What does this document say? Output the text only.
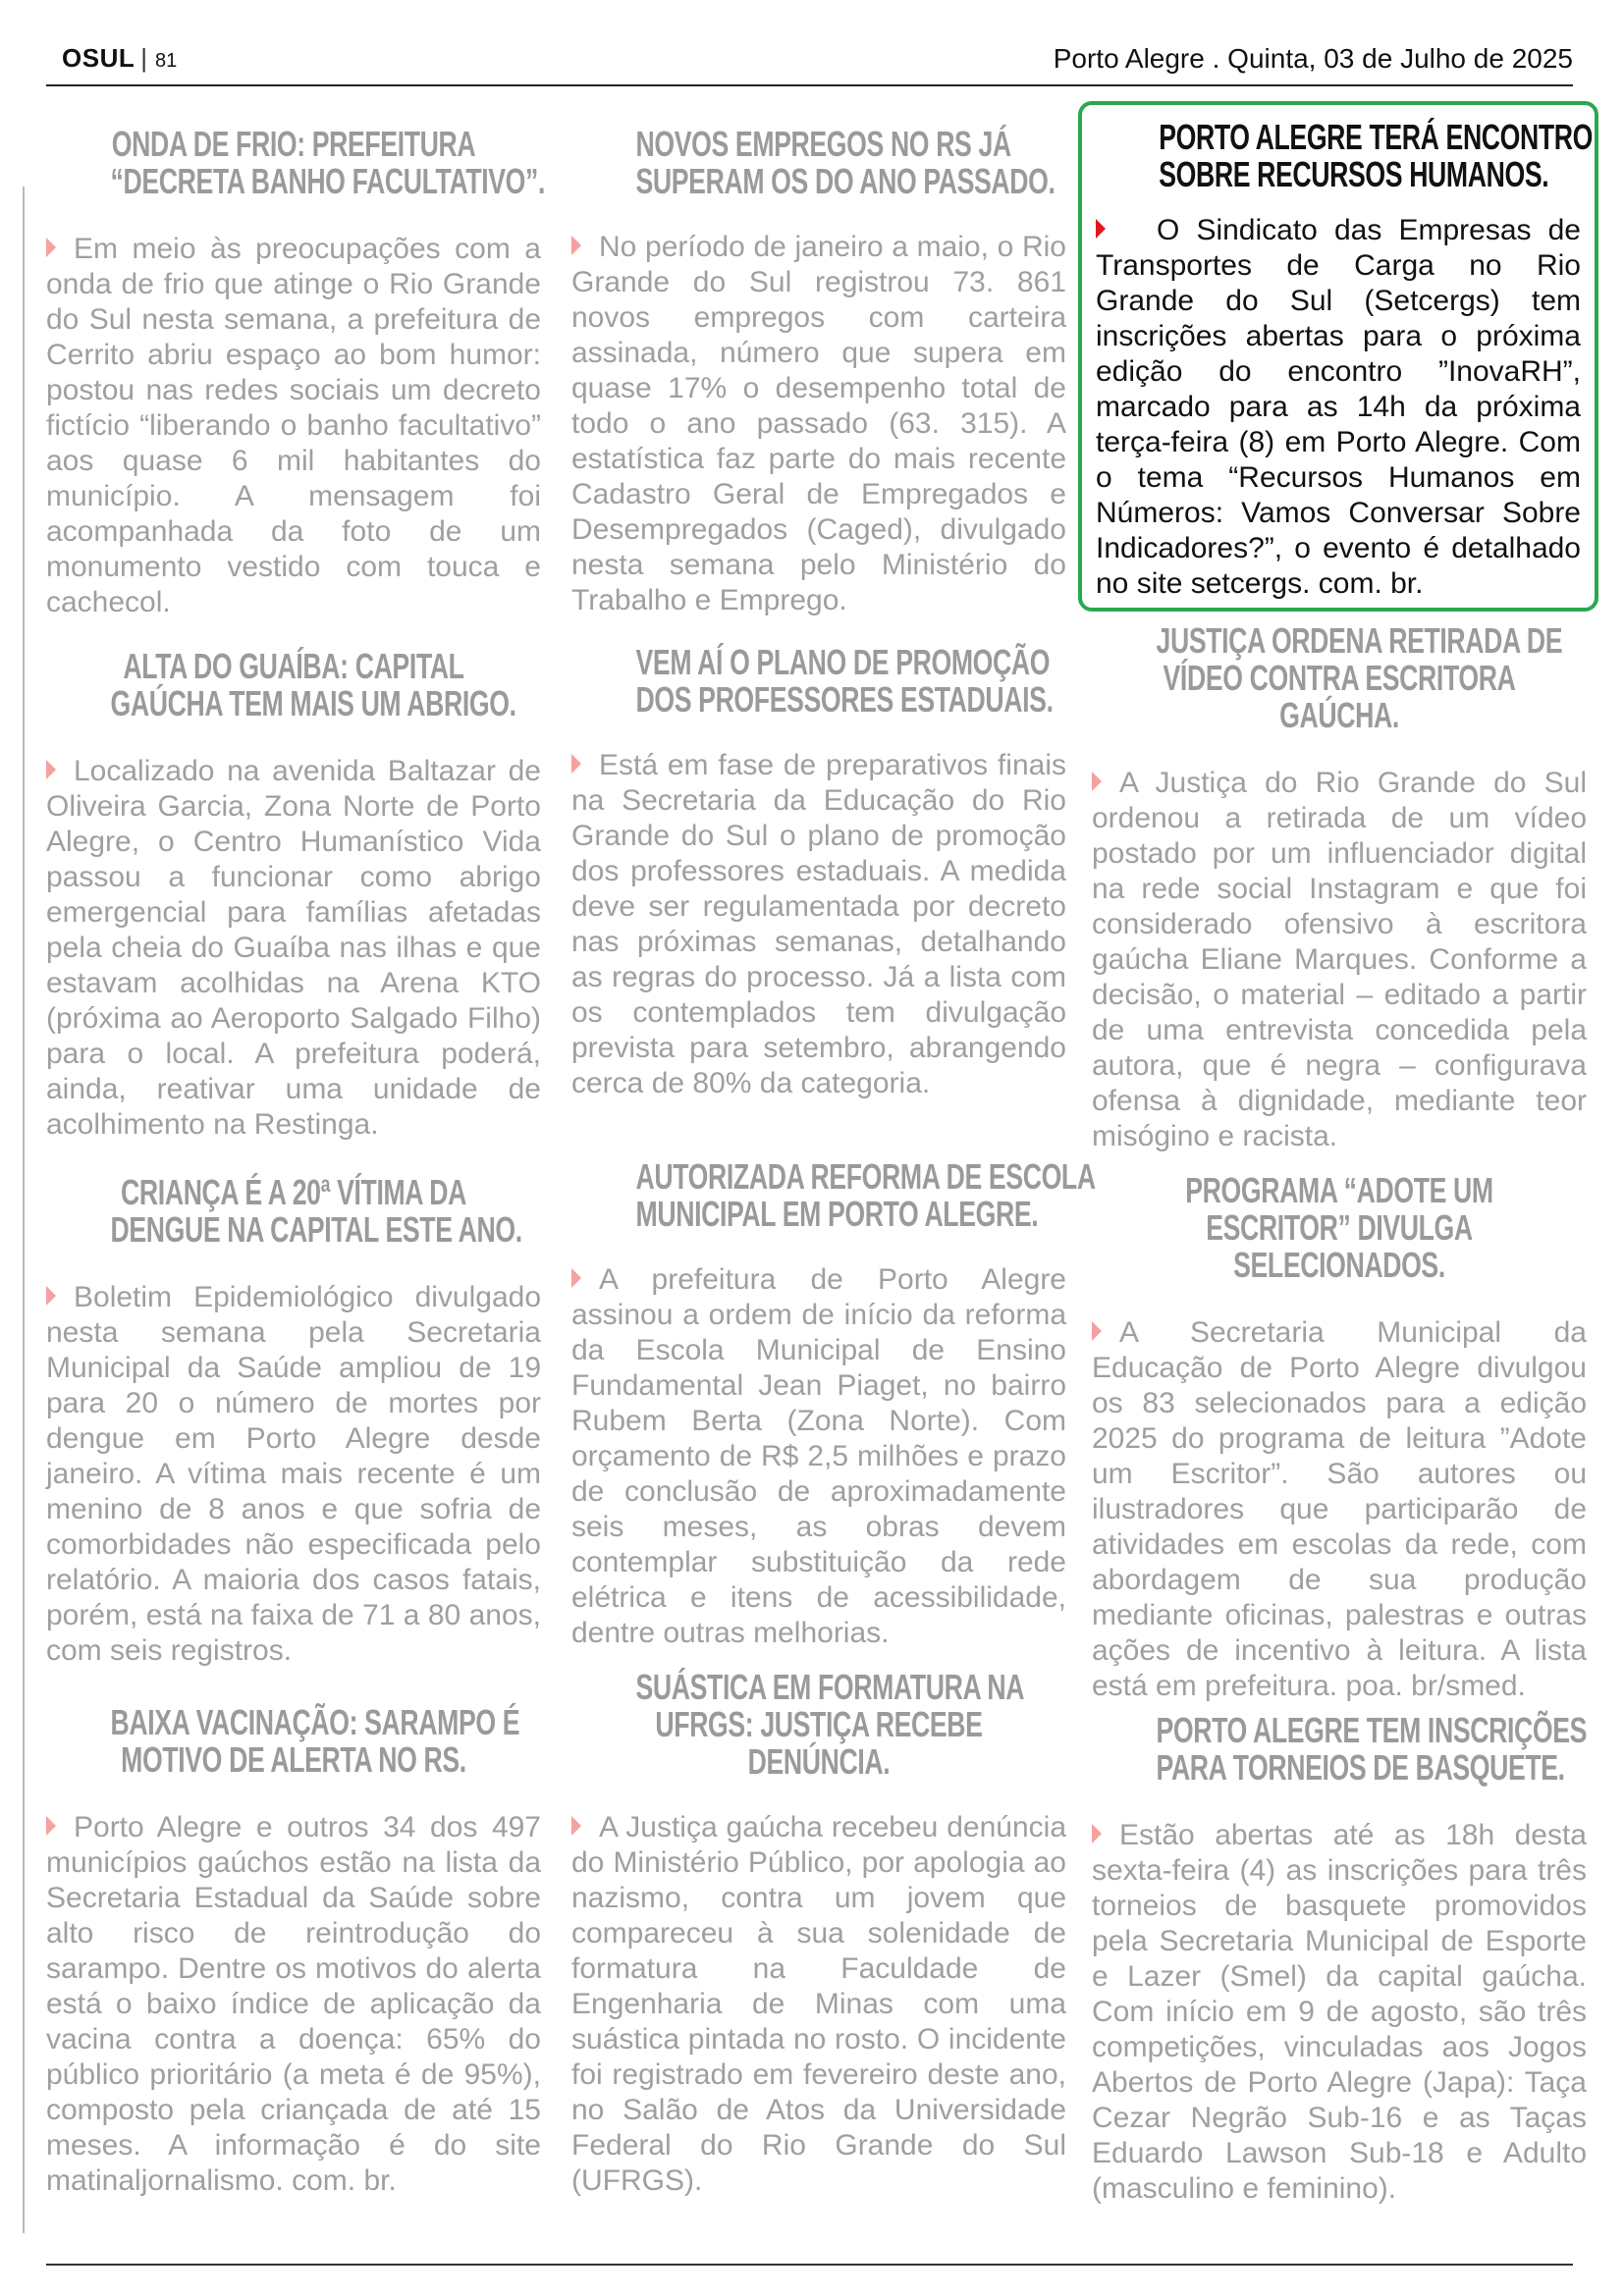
OSUL | 81	Porto Alegre . Quinta, 03 de Julho de 2025
ONDA DE FRIO: PREFEITURA
“DECRETA BANHO FACULTATIVO”.

Em meio às preocupações com a onda de frio que atinge o Rio Grande do Sul nesta semana, a prefeitura de Cerrito abriu espaço ao bom humor: postou nas redes sociais um decreto fictício “liberando o banho facultativo” aos quase 6 mil habitantes do município. A mensagem foi acompanhada da foto de um monumento vestido com touca e cachecol.

ALTA DO GUAÍBA: CAPITAL
GAÚCHA TEM MAIS UM ABRIGO.

Localizado na avenida Baltazar de Oliveira Garcia, Zona Norte de Porto Alegre, o Centro Humanístico Vida passou a funcionar como abrigo emergencial para famílias afetadas pela cheia do Guaíba nas ilhas e que estavam acolhidas na Arena KTO (próxima ao Aeroporto Salgado Filho) para o local. A prefeitura poderá, ainda, reativar uma unidade de acolhimento na Restinga.

CRIANÇA É A 20ª VÍTIMA DA
DENGUE NA CAPITAL ESTE ANO.

Boletim Epidemiológico divulgado nesta semana pela Secretaria Municipal da Saúde ampliou de 19 para 20 o número de mortes por dengue em Porto Alegre desde janeiro. A vítima mais recente é um menino de 8 anos e que sofria de comorbidades não especificada pelo relatório. A maioria dos casos fatais, porém, está na faixa de 71 a 80 anos, com seis registros.

BAIXA VACINAÇÃO: SARAMPO É
MOTIVO DE ALERTA NO RS.

Porto Alegre e outros 34 dos 497 municípios gaúchos estão na lista da Secretaria Estadual da Saúde sobre alto risco de reintrodução do sarampo. Dentre os motivos do alerta está o baixo índice de aplicação da vacina contra a doença: 65% do público prioritário (a meta é de 95%), composto pela criançada de até 15 meses. A informação é do site matinaljornalismo. com. br.

NOVOS EMPREGOS NO RS JÁ
SUPERAM OS DO ANO PASSADO.

No período de janeiro a maio, o Rio Grande do Sul registrou 73. 861 novos empregos com carteira assinada, número que supera em quase 17% o desempenho total de todo o ano passado (63. 315). A estatística faz parte do mais recente Cadastro Geral de Empregados e Desempregados (Caged), divulgado nesta semana pelo Ministério do Trabalho e Emprego.

VEM AÍ O PLANO DE PROMOÇÃO
DOS PROFESSORES ESTADUAIS.

Está em fase de preparativos finais na Secretaria da Educação do Rio Grande do Sul o plano de promoção dos professores estaduais. A medida deve ser regulamentada por decreto nas próximas semanas, detalhando as regras do processo. Já a lista com os contemplados tem divulgação prevista para setembro, abrangendo cerca de 80% da categoria.

AUTORIZADA REFORMA DE ESCOLA
MUNICIPAL EM PORTO ALEGRE.

A prefeitura de Porto Alegre assinou a ordem de início da reforma da Escola Municipal de Ensino Fundamental Jean Piaget, no bairro Rubem Berta (Zona Norte). Com orçamento de R$ 2,5 milhões e prazo de conclusão de aproximadamente seis meses, as obras devem contemplar substituição da rede elétrica e itens de acessibilidade, dentre outras melhorias.

SUÁSTICA EM FORMATURA NA
UFRGS: JUSTIÇA RECEBE
DENÚNCIA.

A Justiça gaúcha recebeu denúncia do Ministério Público, por apologia ao nazismo, contra um jovem que compareceu à sua solenidade de formatura na Faculdade de Engenharia de Minas com uma suástica pintada no rosto. O incidente foi registrado em fevereiro deste ano, no Salão de Atos da Universidade Federal do Rio Grande do Sul (UFRGS).

PORTO ALEGRE TERÁ ENCONTRO
SOBRE RECURSOS HUMANOS.

O Sindicato das Empresas de Transportes de Carga no Rio Grande do Sul (Setcergs) tem inscrições abertas para o próxima edição do encontro ”InovaRH”, marcado para as 14h da próxima terça-feira (8) em Porto Alegre. Com o tema “Recursos Humanos em Números: Vamos Conversar Sobre Indicadores?”, o evento é detalhado no site setcergs. com. br.

JUSTIÇA ORDENA RETIRADA DE
VÍDEO CONTRA ESCRITORA
GAÚCHA.

A Justiça do Rio Grande do Sul ordenou a retirada de um vídeo postado por um influenciador digital na rede social Instagram e que foi considerado ofensivo à escritora gaúcha Eliane Marques. Conforme a decisão, o material – editado a partir de uma entrevista concedida pela autora, que é negra – configurava ofensa à dignidade, mediante teor misógino e racista.

PROGRAMA “ADOTE UM
ESCRITOR” DIVULGA
SELECIONADOS.

A Secretaria Municipal da Educação de Porto Alegre divulgou os 83 selecionados para a edição 2025 do programa de leitura ”Adote um Escritor”. São autores ou ilustradores que participarão de atividades em escolas da rede, com abordagem de sua produção mediante oficinas, palestras e outras ações de incentivo à leitura. A lista está em prefeitura. poa. br/smed.

PORTO ALEGRE TEM INSCRIÇÕES
PARA TORNEIOS DE BASQUETE.

Estão abertas até as 18h desta sexta-feira (4) as inscrições para três torneios de basquete promovidos pela Secretaria Municipal de Esporte e Lazer (Smel) da capital gaúcha. Com início em 9 de agosto, são três competições, vinculadas aos Jogos Abertos de Porto Alegre (Japa): Taça Cezar Negrão Sub-16 e as Taças Eduardo Lawson Sub-18 e Adulto (masculino e feminino).
